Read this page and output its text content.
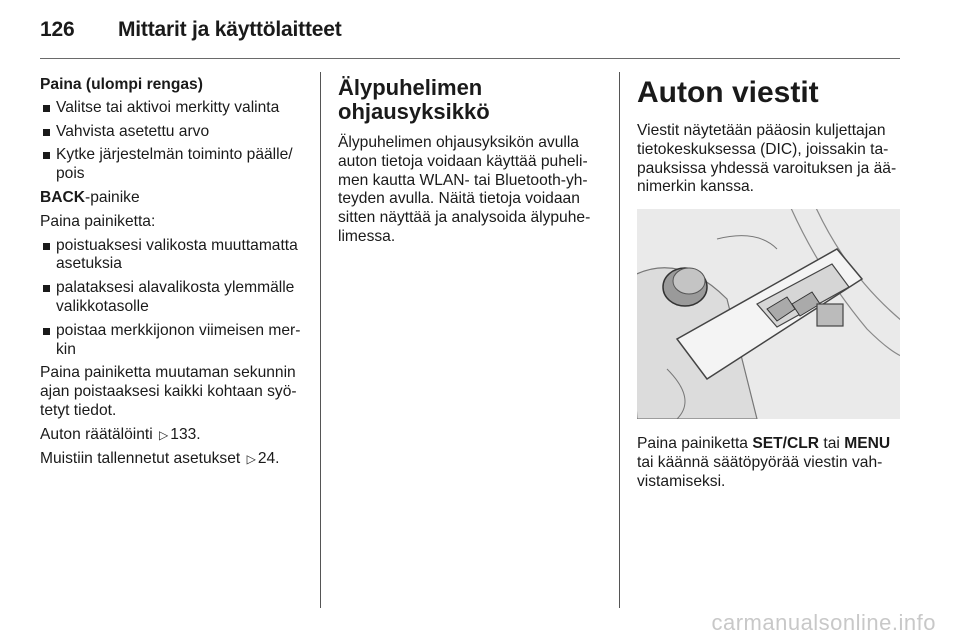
126 Mittarit ja käyttölaitteet
Paina (ulompi rengas)
Valitse tai aktivoi merkitty valinta
Vahvista asetettu arvo
Kytke järjestelmän toiminto päälle/ pois

BACK-painike

Paina painiketta:

poistuaksesi valikosta muuttamatta asetuksia
palataksesi alavalikosta ylemmälle valikkotasolle
poistaa merkkijonon viimeisen merkin

Paina painiketta muutaman sekunnin ajan poistaaksesi kaikki kohtaan syötetyt tiedot.

Auton räätälöinti ▷ 133.

Muistiin tallennetut asetukset ▷ 24.

Älypuhelimen
ohjausyksikkö

Älypuhelimen ohjausyksikön avulla auton tietoja voidaan käyttää puhelimen kautta WLAN- tai Bluetooth-yhteyden avulla. Näitä tietoja voidaan sitten näyttää ja analysoida älypuhelimessa.

Auton viestit

Viestit näytetään pääosin kuljettajan tietokeskuksessa (DIC), joissakin tapauksissa yhdessä varoituksen ja äänimerkin kanssa.

Paina painiketta SET/CLR tai MENU tai käännä säätöpyörää viestin vahvistamiseksi.

carmanualsonline.info
